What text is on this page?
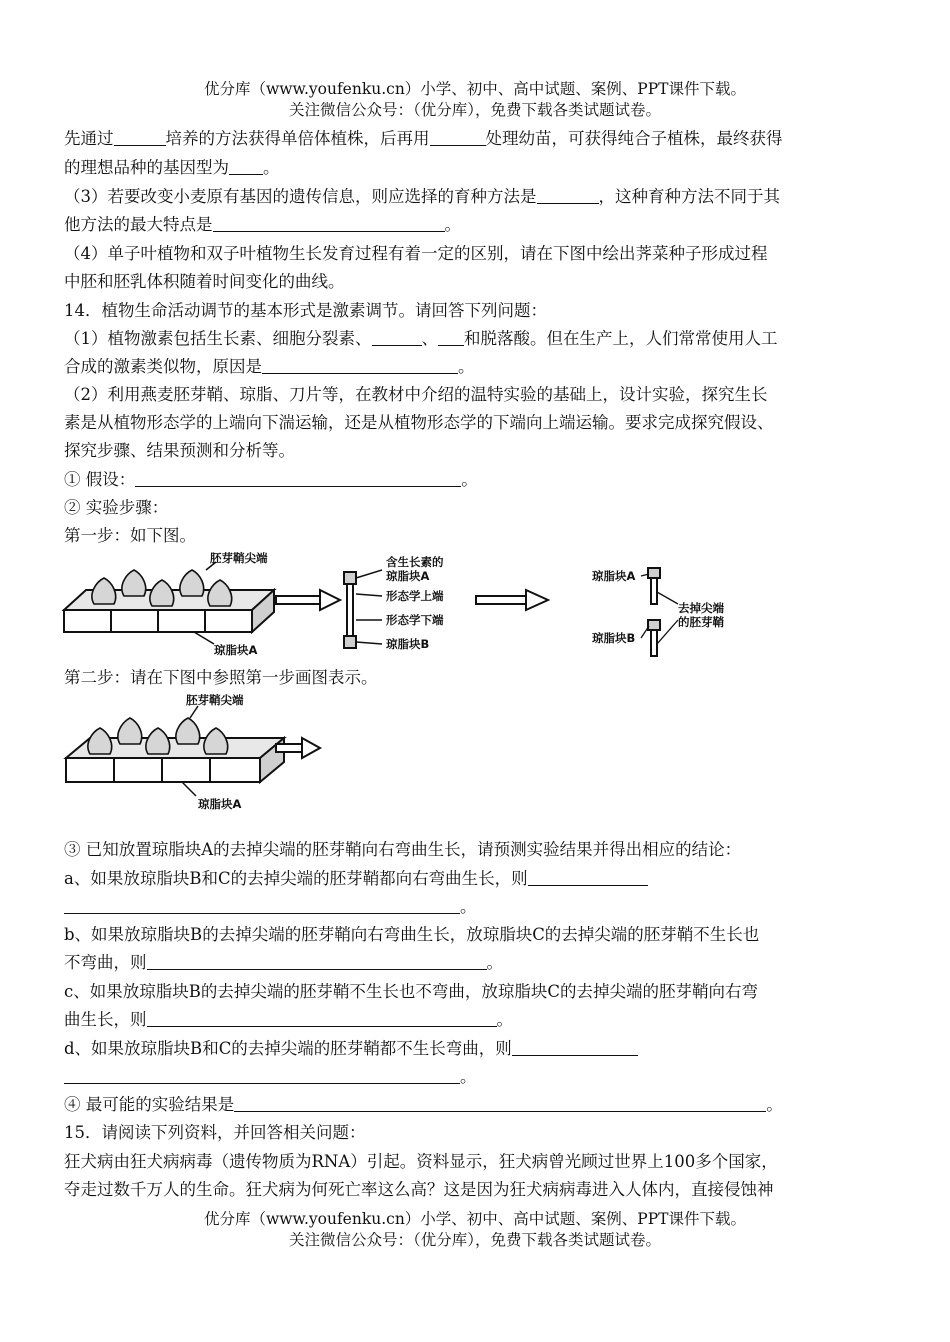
优分库（www.youfenku.cn）小学、初中、高中试题、案例、PPT课件下载。
关注微信公众号：（优分库），免费下载各类试题试卷。
先通过	培养的方法获得单倍体植株，后再用	处理幼苗，可获得纯合子植株，最终获得
的理想品种的基因型为 。
（3）若要改变小麦原有基因的遗传信息，则应选择的育种方法是	，这种育种方法不同于其
他方法的最大特点是	。
（4）单子叶植物和双子叶植物生长发育过程有着一定的区别，请在下图中绘出荠菜种子形成过程
中胚和胚乳体积随着时间变化的曲线。
14．植物生命活动调节的基本形式是激素调节。请回答下列问题：
（1）植物激素包括生长素、细胞分裂素、	、 和脱落酸。但在生产上，人们常常使用人工
合成的激素类似物，原因是	。
（2）利用燕麦胚芽鞘、琼脂、刀片等，在教材中介绍的温特实验的基础上，设计实验，探究生长
素是从植物形态学的上端向下湍运输，还是从植物形态学的下端向上端运输。要求完成探究假设、
探究步骤、结果预测和分析等。
① 假设：	。
② 实验步骤：
第一步：如下图。
胚芽鞘尖端
琼脂块A
含生长素的
琼脂块A
形态学上端
形态学下端
琼脂块B
琼脂块A
琼脂块B
去掉尖端
的胚芽鞘
第二步：请在下图中参照第一步画图表示。
胚芽鞘尖端
琼脂块A
③ 已知放置琼脂块A的去掉尖端的胚芽鞘向右弯曲生长，请预测实验结果并得出相应的结论：
a、如果放琼脂块B和C的去掉尖端的胚芽鞘都向右弯曲生长，则
。
b、如果放琼脂块B的去掉尖端的胚芽鞘向右弯曲生长，放琼脂块C的去掉尖端的胚芽鞘不生长也
不弯曲，则	。
c、如果放琼脂块B的去掉尖端的胚芽鞘不生长也不弯曲，放琼脂块C的去掉尖端的胚芽鞘向右弯
曲生长，则	。
d、如果放琼脂块B和C的去掉尖端的胚芽鞘都不生长弯曲，则
。
④ 最可能的实验结果是	。
15．请阅读下列资料，并回答相关问题：
狂犬病由狂犬病病毒（遗传物质为RNA）引起。资料显示，狂犬病曾光顾过世界上100多个国家，
夺走过数千万人的生命。狂犬病为何死亡率这么高？这是因为狂犬病病毒进入人体内，直接侵蚀神
优分库（www.youfenku.cn）小学、初中、高中试题、案例、PPT课件下载。
关注微信公众号：（优分库），免费下载各类试题试卷。
